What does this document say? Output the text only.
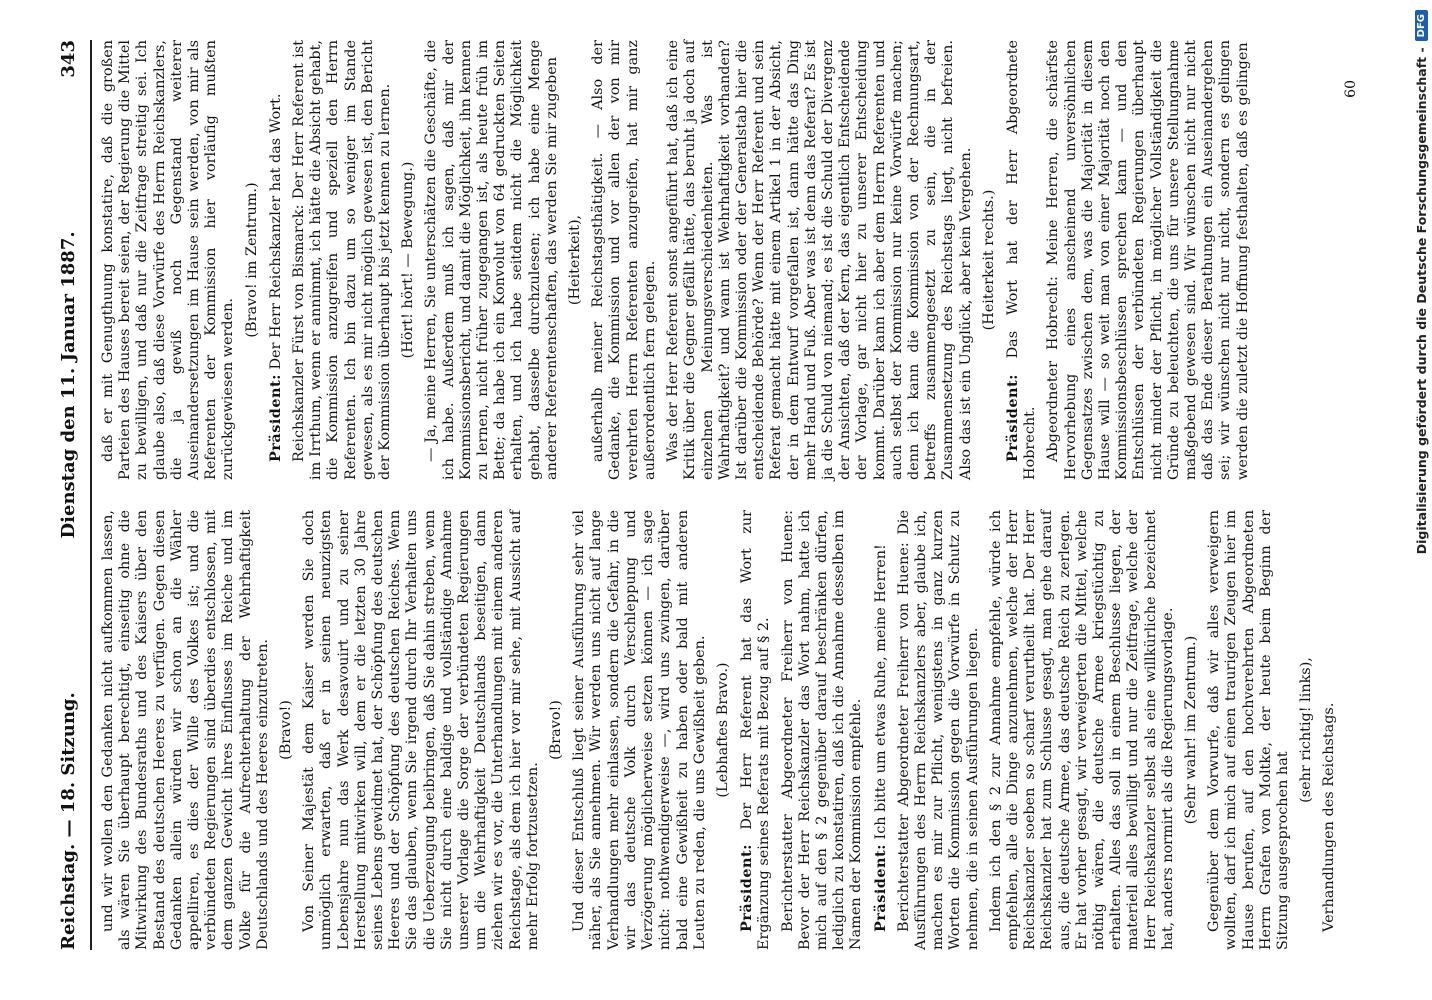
Reichstag. — 18. Sitzung.
Dienstag den 11. Januar 1887.
343

und wir wollen den Gedanken nicht aufkommen lassen, als wären Sie überhaupt berechtigt, einseitig ohne die Mitwirkung des Bundesraths und des Kaisers über den Bestand des deutschen Heeres zu verfügen. Gegen diesen Gedanken allein würden wir schon an die Wähler appelliren, es dies der Wille des Volkes ist; und die verbündeten Regierungen sind überdies entschlossen, mit dem ganzen Gewicht ihres Einflusses im Reiche und im Volke für die Aufrechterhaltung der Wehrhaftigkeit Deutschlands und des Heeres einzutreten. (Bravo!) Von Seiner Majestät dem Kaiser werden Sie doch unmöglich erwarten, daß er in seinen neunzigsten Lebensjahre nun das Werk desavouirt und zu seiner Herstellung mitwirken will, dem er die letzten 30 Jahre seines Lebens gewidmet hat, der Schöpfung des deutschen Heeres und der Schöpfung des deutschen Reiches. Wenn Sie das glauben, wenn Sie irgend durch Ihr Verhalten uns die Ueberzeugung beibringen, daß Sie dahin streben, wenn Sie nicht durch eine baldige und vollständige Annahme unserer Vorlage die Sorge der verbündeten Regierungen um die Wehrhaftigkeit Deutschlands beseitigen, dann ziehen wir es vor, die Unterhandlungen mit einem anderen Reichstage, als dem ich hier vor mir sehe, mit Aussicht auf mehr Erfolg fortzusetzen.

(Bravo!) Und dieser Entschluß liegt seiner Ausführung sehr viel näher, als Sie annehmen. Wir werden uns nicht auf lange Verhandlungen mehr einlassen, sondern die Gefahr, in die wir das deutsche Volk durch Verschleppung und Verzögerung möglicherweise setzen können — ich sage nicht: nothwendigerweise —, wird uns zwingen, darüber bald eine Gewißheit zu haben oder bald mit anderen Leuten zu reden, die uns Gewißheit geben. (Lebhaftes Bravo.)

Präsident: Der Herr Referent hat das Wort zur Ergänzung seines Referats mit Bezug auf § 2. Berichterstatter Abgeordneter Freiherr von Huene: Bevor der Herr Reichskanzler das Wort nahm, hatte ich mich auf den § 2 gegenüber darauf beschränken dürfen, lediglich zu konstatiren, daß ich die Annahme desselben im Namen der Kommission empfehle. Präsident: Ich bitte um etwas Ruhe, meine Herren! Berichterstatter Abgeordneter Freiherr von Huene: Die Ausführungen des Herrn Reichskanzlers aber, glaube ich, machen es mir zur Pflicht, wenigstens in ganz kurzen Worten die Kommission gegen die Vorwürfe in Schutz zu nehmen, die in seinen Ausführungen liegen. Indem ich den § 2 zur Annahme empfehle, würde ich empfehlen, alle die Dinge anzunehmen, welche der Herr Reichskanzler soeben so scharf verurtheilt hat. Der Herr Reichskanzler hat zum Schlusse gesagt, man gehe darauf aus, die deutsche Armee, das deutsche Reich zu zerlegen. Er hat vorher gesagt, wir verweigerten die Mittel, welche nöthig wären, die deutsche Armee kriegstüchtig zu erhalten. Alles das soll in einem Beschlusse liegen, der materiell alles bewilligt und nur die Zeitfrage, welche der Herr Reichskanzler selbst als eine willkürliche bezeichnet hat, anders normirt als die Regierungsvorlage. (Sehr wahr! im Zentrum.) Gegenüber dem Vorwurfe, daß wir alles verweigern wollten, darf ich mich auf einen traurigen Zeugen hier im Hause berufen, auf den hochverehrten Abgeordneten Herrn Grafen von Moltke, der heute beim Beginn der Sitzung ausgesprochen hat

(sehr richtig! links), Verhandlungen des Reichstags.

daß er mit Genugthuung konstatire, daß die großen Parteien des Hauses bereit seien, der Regierung die Mittel zu bewilligen, und daß nur die Zeitfrage streitig sei. Ich glaube also, daß diese Vorwürfe des Herrn Reichskanzlers, die ja gewiß noch Gegenstand weiterer Auseinandersetzungen im Hause sein werden, von mir als Referenten der Kommission hier vorläufig mußten zurückgewiesen werden.

(Bravo! im Zentrum.)

Präsident: Der Herr Reichskanzler hat das Wort. Reichskanzler Fürst von Bismarck: Der Herr Referent ist im Irrthum, wenn er annimmt, ich hätte die Absicht gehabt, die Kommission anzugreifen und speziell den Herrn Referenten. Ich bin dazu um so weniger im Stande gewesen, als es mir nicht möglich gewesen ist, den Bericht der Kommission überhaupt bis jetzt kennen zu lernen. (Hört! hört! — Bewegung.) — Ja, meine Herren, Sie unterschätzen die Geschäfte, die ich habe. Außerdem muß ich sagen, daß mir der Kommissionsbericht, und damit die Möglichkeit, ihn kennen zu lernen, nicht früher zugegangen ist, als heute früh im Bette; da habe ich ein Konvolut von 64 gedruckten Seiten erhalten, und ich habe seitdem nicht die Möglichkeit gehabt, dasselbe durchzulesen; ich habe eine Menge anderer Referentenschaften, das werden Sie mir zugeben (Heiterkeit), außerhalb meiner Reichstagsthätigkeit. — Also der Gedanke, die Kommission und vor allen der von mir verehrten Herrn Referenten anzugreifen, hat mir ganz außerordentlich fern gelegen. Was der Herr Referent sonst angeführt hat, daß ich eine Kritik über die Gegner gefällt hätte, das beruht ja doch auf einzelnen Meinungsverschiedenheiten. Was ist Wahrhaftigkeit? und wann ist Wehrhaftigkeit vorhanden? Ist darüber die Kommission oder der Generalstab hier die entscheidende Behörde? Wenn der Herr Referent und sein Referat gemacht hätte mit einem Artikel 1 in der Absicht, der in dem Entwurf vorgefallen ist, dann hätte das Ding mehr Hand und Fuß. Aber was ist denn das Referat? Es ist ja die Schuld von niemand; es ist die Schuld der Divergenz der Ansichten, daß der Kern, das eigentlich Entscheidende der Vorlage, gar nicht hier zu unserer Entscheidung kommt. Darüber kann ich aber dem Herrn Referenten und auch selbst der Kommission nur keine Vorwürfe machen; denn ich kann die Kommission von der Rechnungsart, betreffs zusammengesetzt zu sein, die in der Zusammensetzung des Reichstags liegt, nicht befreien. Also das ist ein Unglück, aber kein Vergehen. (Heiterkeit rechts.)

Präsident: Das Wort hat der Herr Abgeordnete Hobrecht. Abgeordneter Hobrecht: Meine Herren, die schärfste Hervorhebung eines anscheinend unversöhnlichen Gegensatzes zwischen dem, was die Majorität in diesem Hause will — so weit man von einer Majorität noch den Kommissionsbeschlüssen sprechen kann — und den Entschlüssen der verbündeten Regierungen überhaupt nicht minder der Pflicht, in möglicher Vollständigkeit die Gründe zu beleuchten, die uns für unsere Stellungnahme maßgebend gewesen sind. Wir wünschen nicht nur nicht daß das Ende dieser Berathungen ein Auseinandergehen sei; wir wünschen nicht nur nicht, sondern es gelingen werden die zuletzt die Hoffnung festhalten, daß es gelingen	60	Digitalisierung gefördert durch die Deutsche Forschungsgemeinschaft -
DFG
